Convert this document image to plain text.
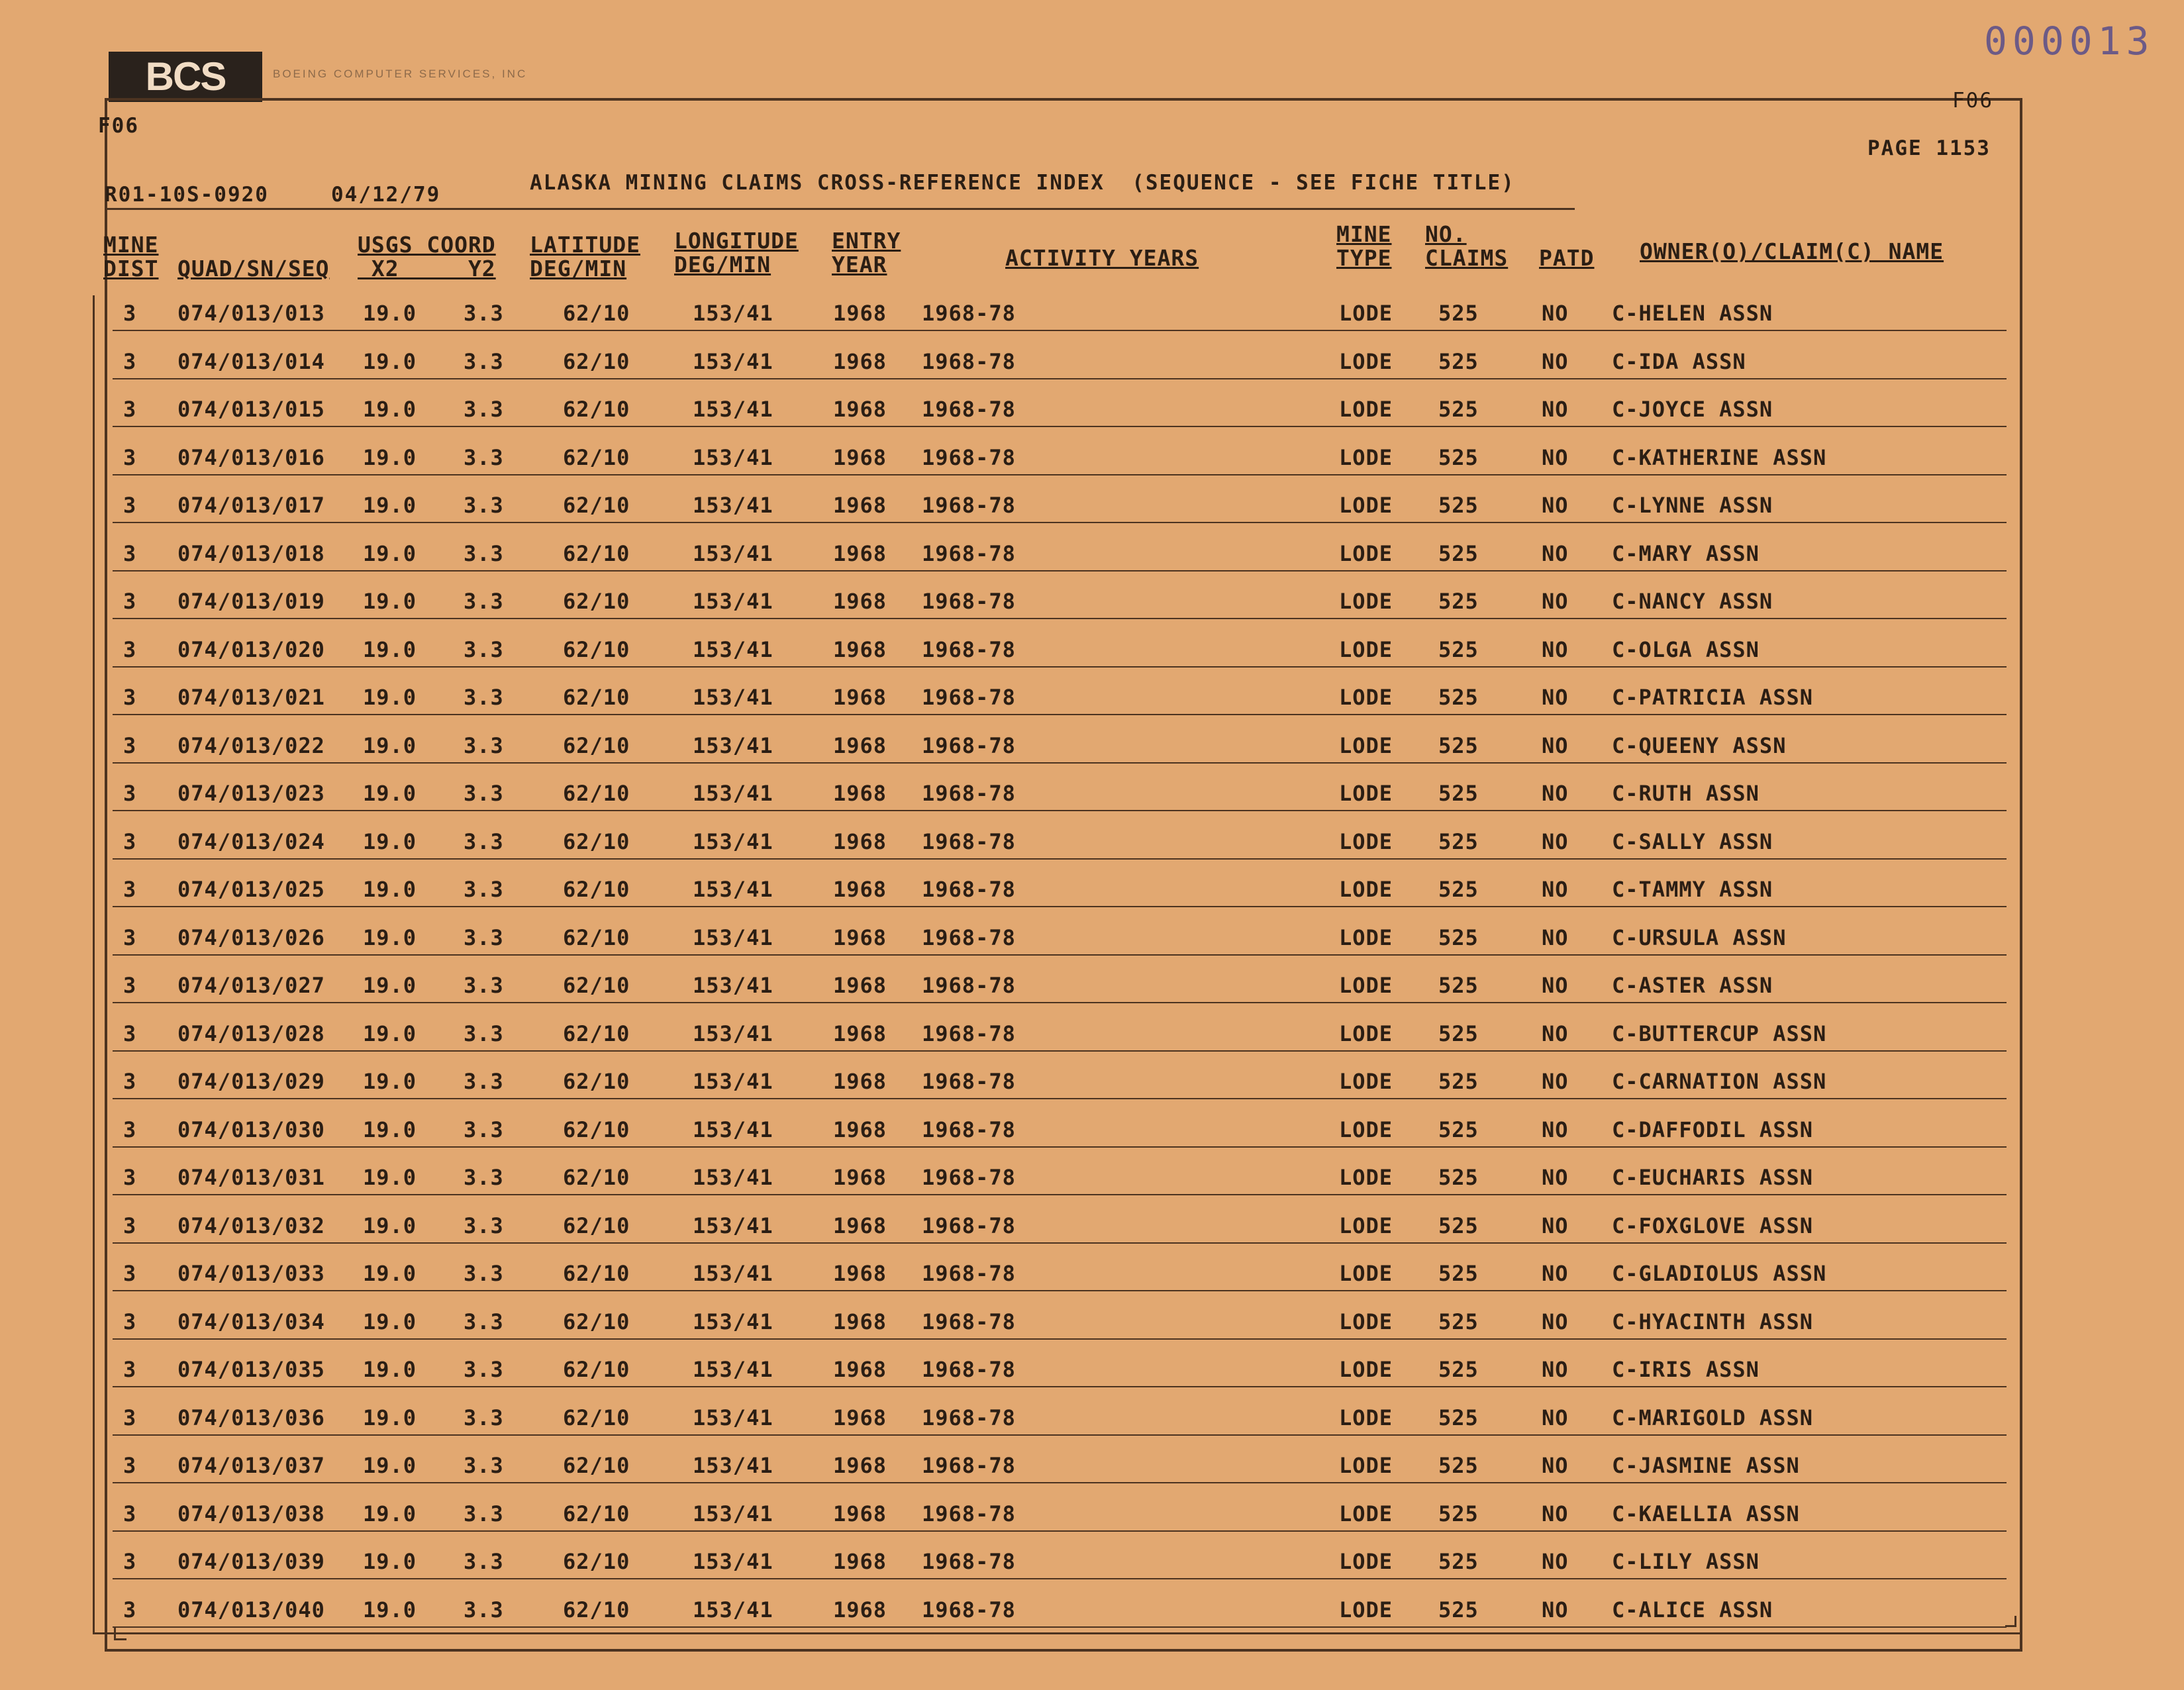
BCS	BOEING COMPUTER SERVICES, INC
000013
F06
F06
PAGE 1153
R01-10S-0920	04/12/79	ALASKA MINING CLAIMS CROSS-REFERENCE INDEX  (SEQUENCE - SEE FICHE TITLE)
MINE
DIST QUAD/SN/SEQ
USGS COORD
X2     Y2
LATITUDE
DEG/MIN
LONGITUDE
DEG/MIN
ENTRY
YEAR	ACTIVITY YEARS
MINE
TYPE
NO.
CLAIMS PATD OWNER(O)/CLAIM(C) NAME
3 074/013/013 19.0 3.3	62/10	153/41	1968 1968-78	LODE 525	NO C-HELEN ASSN
3 074/013/014 19.0 3.3	62/10	153/41	1968 1968-78	LODE 525	NO C-IDA ASSN
3 074/013/015 19.0 3.3	62/10	153/41	1968 1968-78	LODE 525	NO C-JOYCE ASSN
3 074/013/016 19.0 3.3	62/10	153/41	1968 1968-78	LODE 525	NO C-KATHERINE ASSN
3 074/013/017 19.0 3.3	62/10	153/41	1968 1968-78	LODE 525	NO C-LYNNE ASSN
3 074/013/018 19.0 3.3	62/10	153/41	1968 1968-78	LODE 525	NO C-MARY ASSN
3 074/013/019 19.0 3.3	62/10	153/41	1968 1968-78	LODE 525	NO C-NANCY ASSN
3 074/013/020 19.0 3.3	62/10	153/41	1968 1968-78	LODE 525	NO C-OLGA ASSN
3 074/013/021 19.0 3.3	62/10	153/41	1968 1968-78	LODE 525	NO C-PATRICIA ASSN
3 074/013/022 19.0 3.3	62/10	153/41	1968 1968-78	LODE 525	NO C-QUEENY ASSN
3 074/013/023 19.0 3.3	62/10	153/41	1968 1968-78	LODE 525	NO C-RUTH ASSN
3 074/013/024 19.0 3.3	62/10	153/41	1968 1968-78	LODE 525	NO C-SALLY ASSN
3 074/013/025 19.0 3.3	62/10	153/41	1968 1968-78	LODE 525	NO C-TAMMY ASSN
3 074/013/026 19.0 3.3	62/10	153/41	1968 1968-78	LODE 525	NO C-URSULA ASSN
3 074/013/027 19.0 3.3	62/10	153/41	1968 1968-78	LODE 525	NO C-ASTER ASSN
3 074/013/028 19.0 3.3	62/10	153/41	1968 1968-78	LODE 525	NO C-BUTTERCUP ASSN
3 074/013/029 19.0 3.3	62/10	153/41	1968 1968-78	LODE 525	NO C-CARNATION ASSN
3 074/013/030 19.0 3.3	62/10	153/41	1968 1968-78	LODE 525	NO C-DAFFODIL ASSN
3 074/013/031 19.0 3.3	62/10	153/41	1968 1968-78	LODE 525	NO C-EUCHARIS ASSN
3 074/013/032 19.0 3.3	62/10	153/41	1968 1968-78	LODE 525	NO C-FOXGLOVE ASSN
3 074/013/033 19.0 3.3	62/10	153/41	1968 1968-78	LODE 525	NO C-GLADIOLUS ASSN
3 074/013/034 19.0 3.3	62/10	153/41	1968 1968-78	LODE 525	NO C-HYACINTH ASSN
3 074/013/035 19.0 3.3	62/10	153/41	1968 1968-78	LODE 525	NO C-IRIS ASSN
3 074/013/036 19.0 3.3	62/10	153/41	1968 1968-78	LODE 525	NO C-MARIGOLD ASSN
3 074/013/037 19.0 3.3	62/10	153/41	1968 1968-78	LODE 525	NO C-JASMINE ASSN
3 074/013/038 19.0 3.3	62/10	153/41	1968 1968-78	LODE 525	NO C-KAELLIA ASSN
3 074/013/039 19.0 3.3	62/10	153/41	1968 1968-78	LODE 525	NO C-LILY ASSN
3 074/013/040 19.0 3.3	62/10	153/41	1968 1968-78	LODE 525	NO C-ALICE ASSN
